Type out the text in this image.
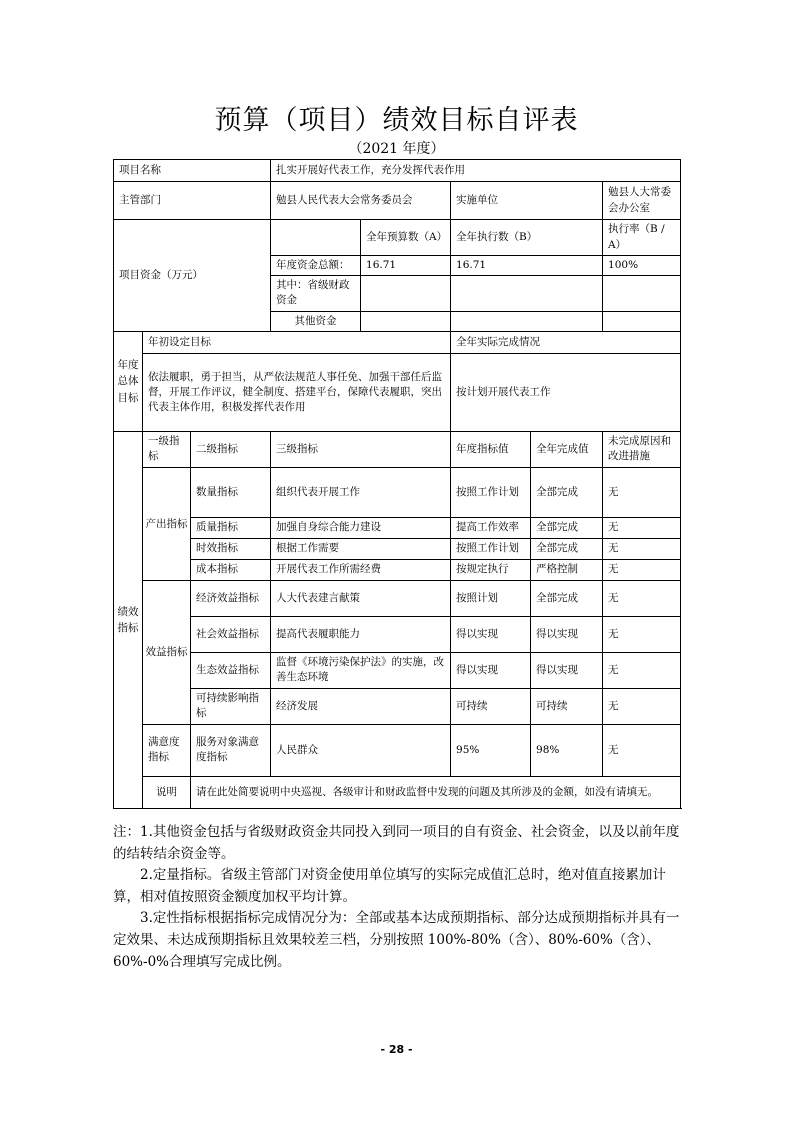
预算（项目）绩效目标自评表
（2021 年度）
项目名称			扎实开展好代表工作，充分发挥代表作用				
主管部门			勉县人民代表大会常务委员会		实施单位		勉县人大常委会办公室
项目资金（万元）				全年预算数（A）	全年执行数（B）		执行率（B / A）
			年度资金总额：	16.71	16.71		100%
			其中：省级财政资金				
			其他资金				
年度总体目标	年初设定目标				全年实际完成情况		
	依法履职，勇于担当，从严依法规范人事任免、加强干部任后监督，开展工作评议，健全制度、搭建平台，保障代表履职，突出代表主体作用，积极发挥代表作用				按计划开展代表工作		
绩效指标	一级指标	二级指标	三级指标		年度指标值	全年完成值	未完成原因和改进措施
	产出指标	数量指标	组织代表开展工作		按照工作计划	全部完成	无
		质量指标	加强自身综合能力建设		提高工作效率	全部完成	无
		时效指标	根据工作需要		按照工作计划	全部完成	无
		成本指标	开展代表工作所需经费		按规定执行	严格控制	无
	效益指标	经济效益指标	人大代表建言献策		按照计划	全部完成	无
		社会效益指标	提高代表履职能力		得以实现	得以实现	无
		生态效益指标	监督《环境污染保护法》的实施，改善生态环境		得以实现	得以实现	无
		可持续影响指标	经济发展		可持续	可持续	无
	满意度指标	服务对象满意度指标	人民群众		95%	98%	无
	说明	请在此处简要说明中央巡视、各级审计和财政监督中发现的问题及其所涉及的金额，如没有请填无。					

注：1.其他资金包括与省级财政资金共同投入到同一项目的自有资金、社会资金，以及以前年度的结转结余资金等。

2.定量指标。省级主管部门对资金使用单位填写的实际完成值汇总时，绝对值直接累加计算，相对值按照资金额度加权平均计算。

3.定性指标根据指标完成情况分为：全部或基本达成预期指标、部分达成预期指标并具有一定效果、未达成预期指标且效果较差三档，分别按照 100%-80%（含）、80%-60%（含）、60%-0%合理填写完成比例。

- 28 -
